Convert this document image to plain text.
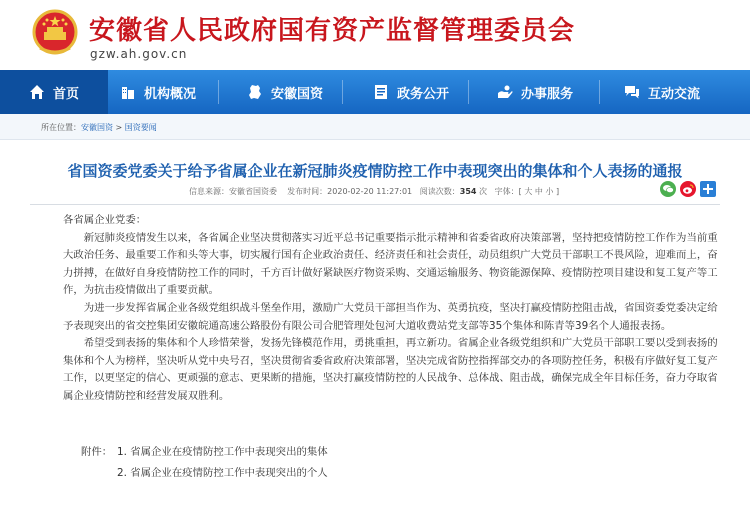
安徽省人民政府国有资产监督管理委员会
gzw.ah.gov.cn
首页	机构概况	安徽国资	政务公开	办事服务	互动交流
所在位置：安徽国资 > 国资要闻
省国资委党委关于给予省属企业在新冠肺炎疫情防控工作中表现突出的集体和个人表扬的通报
信息来源：安徽省国资委 发布时间：2020-02-20 11:27:01 阅读次数：354 次 字体：[ 大 中 小 ]

各省属企业党委：

新冠肺炎疫情发生以来，各省属企业坚决贯彻落实习近平总书记重要指示批示精神和省委省政府决策部署，坚持把疫情防控工作作为当前重大政治任务、最重要工作和头等大事，切实履行国有企业政治责任、经济责任和社会责任，动员组织广大党员干部职工不畏风险，迎难而上，奋力拼搏，在做好自身疫情防控工作的同时，千方百计做好紧缺医疗物资采购、交通运输服务、物资能源保障、疫情防控项目建设和复工复产等工作，为抗击疫情做出了重要贡献。

为进一步发挥省属企业各级党组织战斗堡垒作用，激励广大党员干部担当作为、英勇抗疫，坚决打赢疫情防控阻击战，省国资委党委决定给予表现突出的省交控集团安徽皖通高速公路股份有限公司合肥管理处包河大道收费站党支部等35个集体和陈青等39名个人通报表扬。

希望受到表扬的集体和个人珍惜荣誉，发扬先锋模范作用，勇挑重担，再立新功。省属企业各级党组织和广大党员干部职工要以受到表扬的集体和个人为榜样，坚决听从党中央号召，坚决贯彻省委省政府决策部署，坚决完成省防控指挥部交办的各项防控任务，积极有序做好复工复产工作，以更坚定的信心、更顽强的意志、更果断的措施，坚决打赢疫情防控的人民战争、总体战、阻击战，确保完成全年目标任务，奋力夺取省属企业疫情防控和经营发展双胜利。

附件： 1. 省属企业在疫情防控工作中表现突出的集体
2. 省属企业在疫情防控工作中表现突出的个人
